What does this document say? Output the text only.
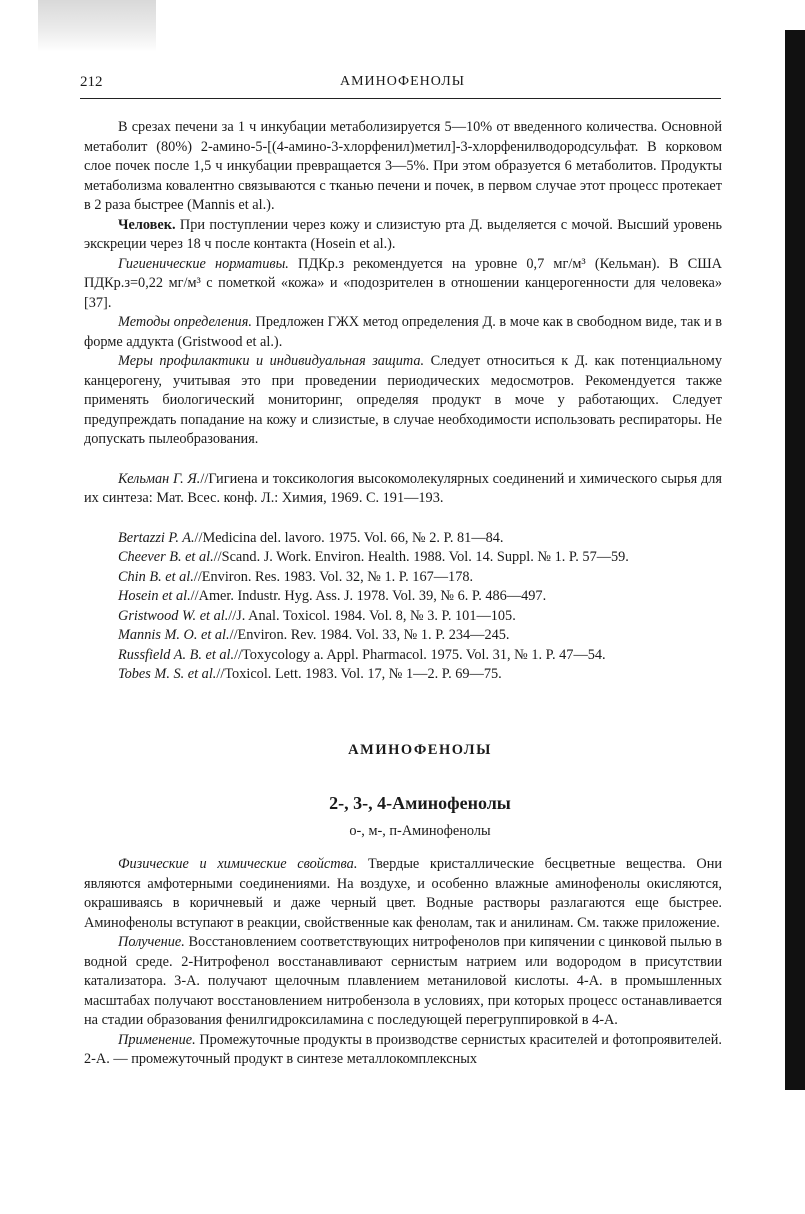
212	АМИНОФЕНОЛЫ

В срезах печени за 1 ч инкубации метаболизируется 5—10% от введенного количества. Основной метаболит (80%) 2-амино-5-[(4-амино-3-хлорфенил)метил]-3-хлорфенилводородсульфат. В корковом слое почек после 1,5 ч инкубации превращается 3—5%. При этом образуется 6 метаболитов. Продукты метаболизма ковалентно связываются с тканью печени и почек, в первом случае этот процесс протекает в 2 раза быстрее (Mannis et al.).

Человек. При поступлении через кожу и слизистую рта Д. выделяется с мочой. Высший уровень экскреции через 18 ч после контакта (Hosein et al.).

Гигиенические нормативы. ПДКр.з рекомендуется на уровне 0,7 мг/м³ (Кельман). В США ПДКр.з=0,22 мг/м³ с пометкой «кожа» и «подозрителен в отношении канцерогенности для человека» [37].

Методы определения. Предложен ГЖХ метод определения Д. в моче как в свободном виде, так и в форме аддукта (Gristwood et al.).

Меры профилактики и индивидуальная защита. Следует относиться к Д. как потенциальному канцерогену, учитывая это при проведении периодических медосмотров. Рекомендуется также применять биологический мониторинг, определяя продукт в моче у работающих. Следует предупреждать попадание на кожу и слизистые, в случае необходимости использовать респираторы. Не допускать пылеобразования.

Кельман Г. Я.//Гигиена и токсикология высокомолекулярных соединений и химического сырья для их синтеза: Мат. Всес. конф. Л.: Химия, 1969. С. 191—193.

Bertazzi P. A.//Medicina del. lavoro. 1975. Vol. 66, № 2. P. 81—84.

Cheever B. et al.//Scand. J. Work. Environ. Health. 1988. Vol. 14. Suppl. № 1. P. 57—59.

Chin B. et al.//Environ. Res. 1983. Vol. 32, № 1. P. 167—178.

Hosein et al.//Amer. Industr. Hyg. Ass. J. 1978. Vol. 39, № 6. P. 486—497.

Gristwood W. et al.//J. Anal. Toxicol. 1984. Vol. 8, № 3. P. 101—105.

Mannis M. O. et al.//Environ. Rev. 1984. Vol. 33, № 1. P. 234—245.

Russfield A. B. et al.//Toxycology a. Appl. Pharmacol. 1975. Vol. 31, № 1. P. 47—54.

Tobes M. S. et al.//Toxicol. Lett. 1983. Vol. 17, № 1—2. P. 69—75.

АМИНОФЕНОЛЫ

2-, 3-, 4-Аминофенолы

о-, м-, п-Аминофенолы

Физические и химические свойства. Твердые кристаллические бесцветные вещества. Они являются амфотерными соединениями. На воздухе, и особенно влажные аминофенолы окисляются, окрашиваясь в коричневый и даже черный цвет. Водные растворы разлагаются еще быстрее. Аминофенолы вступают в реакции, свойственные как фенолам, так и анилинам. См. также приложение.

Получение. Восстановлением соответствующих нитрофенолов при кипячении с цинковой пылью в водной среде. 2-Нитрофенол восстанавливают сернистым натрием или водородом в присутствии катализатора. 3-А. получают щелочным плавлением метаниловой кислоты. 4-А. в промышленных масштабах получают восстановлением нитробензола в условиях, при которых процесс останавливается на стадии образования фенилгидроксиламина с последующей перегруппировкой в 4-А.

Применение. Промежуточные продукты в производстве сернистых красителей и фотопроявителей. 2-А. — промежуточный продукт в синтезе металлокомплексных
